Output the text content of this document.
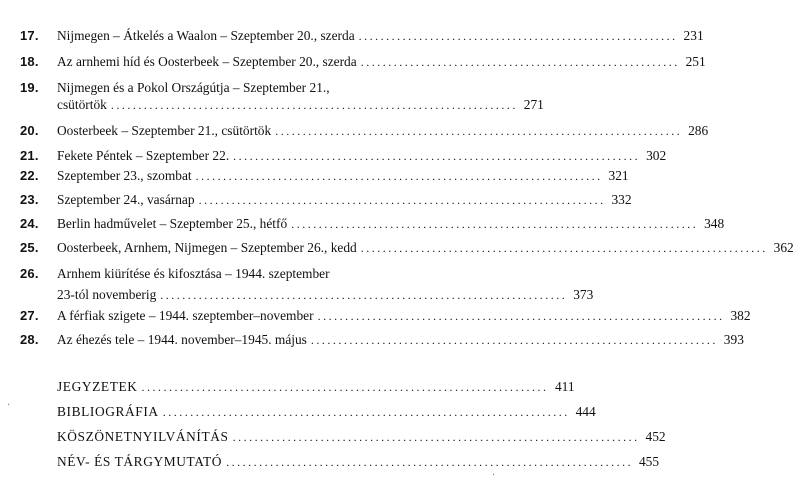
17. Nijmegen – Átkelés a Waalon – Szeptember 20., szerda .......................................................... 231
18. Az arnhemi híd és Oosterbeek – Szeptember 20., szerda .......................................................... 251
19. Nijmegen és a Pokol Országútja – Szeptember 21.,
csütörtök .......................................................................... 271
20. Oosterbeek – Szeptember 21., csütörtök .......................................................................... 286
21. Fekete Péntek – Szeptember 22. .......................................................................... 302
22. Szeptember 23., szombat .......................................................................... 321
23. Szeptember 24., vasárnap .......................................................................... 332
24. Berlin hadművelet – Szeptember 25., hétfő .......................................................................... 348
25. Oosterbeek, Arnhem, Nijmegen – Szeptember 26., kedd .......................................................................... 362
26. Arnhem kiürítése és kifosztása – 1944. szeptember
23-tól novemberig .......................................................................... 373
27. A férfiak szigete – 1944. szeptember–november .......................................................................... 382
28. Az éhezés tele – 1944. november–1945. május .......................................................................... 393
JEGYZETEK .......................................................................... 411
BIBLIOGRÁFIA .......................................................................... 444
KÖSZÖNETNYILVÁNÍTÁS .......................................................................... 452
NÉV- ÉS TÁRGYMUTATÓ .......................................................................... 455
·
·
